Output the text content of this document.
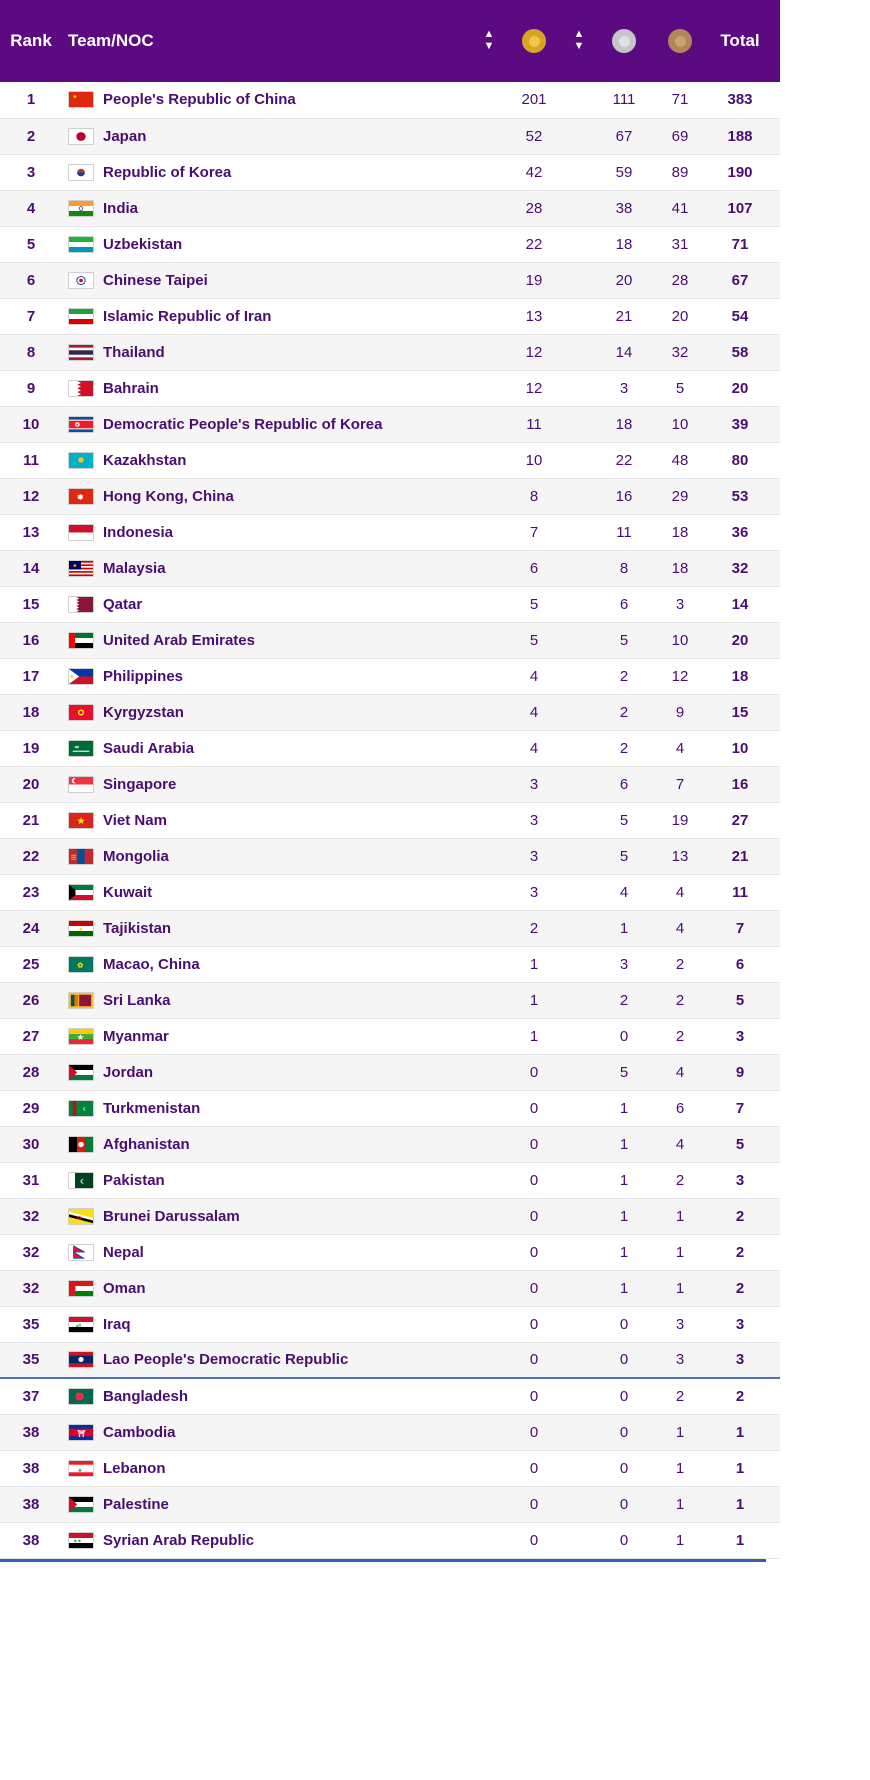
Rank	Team/NOC	▲
▼		▲
▼			Total
1	★ People's Republic of China		201		111	71	383
2	Japan		52		67	69	188
3	Republic of Korea		42		59	89	190
4	India		28		38	41	107
5	Uzbekistan		22		18	31	71
6	Chinese Taipei		19		20	28	67
7	Islamic Republic of Iran		13		21	20	54
8	Thailand		12		14	32	58
9	Bahrain		12		3	5	20
10	★ Democratic People's Republic of Korea		11		18	10	39
11	Kazakhstan		10		22	48	80
12	✽ Hong Kong, China		8		16	29	53
13	Indonesia		7		11	18	36
14	★ Malaysia		6		8	18	32
15	Qatar		5		6	3	14
16	United Arab Emirates		5		5	10	20
17	Philippines		4		2	12	18
18	Kyrgyzstan		4		2	9	15
19	ﷲ Saudi Arabia		4		2	4	10
20	Singapore		3		6	7	16
21	★ Viet Nam		3		5	19	27
22	☰ Mongolia		3		5	13	21
23	Kuwait		3		4	4	11
24	♕ Tajikistan		2		1	4	7
25	✿ Macao, China		1		3	2	6
26	Sri Lanka		1		2	2	5
27	★ Myanmar		1		0	2	3
28	Jordan		0		5	4	9
29	☾ Turkmenistan		0		1	6	7
30	Afghanistan		0		1	4	5
31	☾ Pakistan		0		1	2	3
32	✪ Brunei Darussalam		0		1	1	2
32	Nepal		0		1	1	2
32	Oman		0		1	1	2
35	الله Iraq		0		0	3	3
35	Lao People's Democratic Republic		0		0	3	3
37	Bangladesh		0		0	2	2
38	⛩ Cambodia		0		0	1	1
38	▲ Lebanon		0		0	1	1
38	Palestine		0		0	1	1
38	★ ★ Syrian Arab Republic		0		0	1	1
